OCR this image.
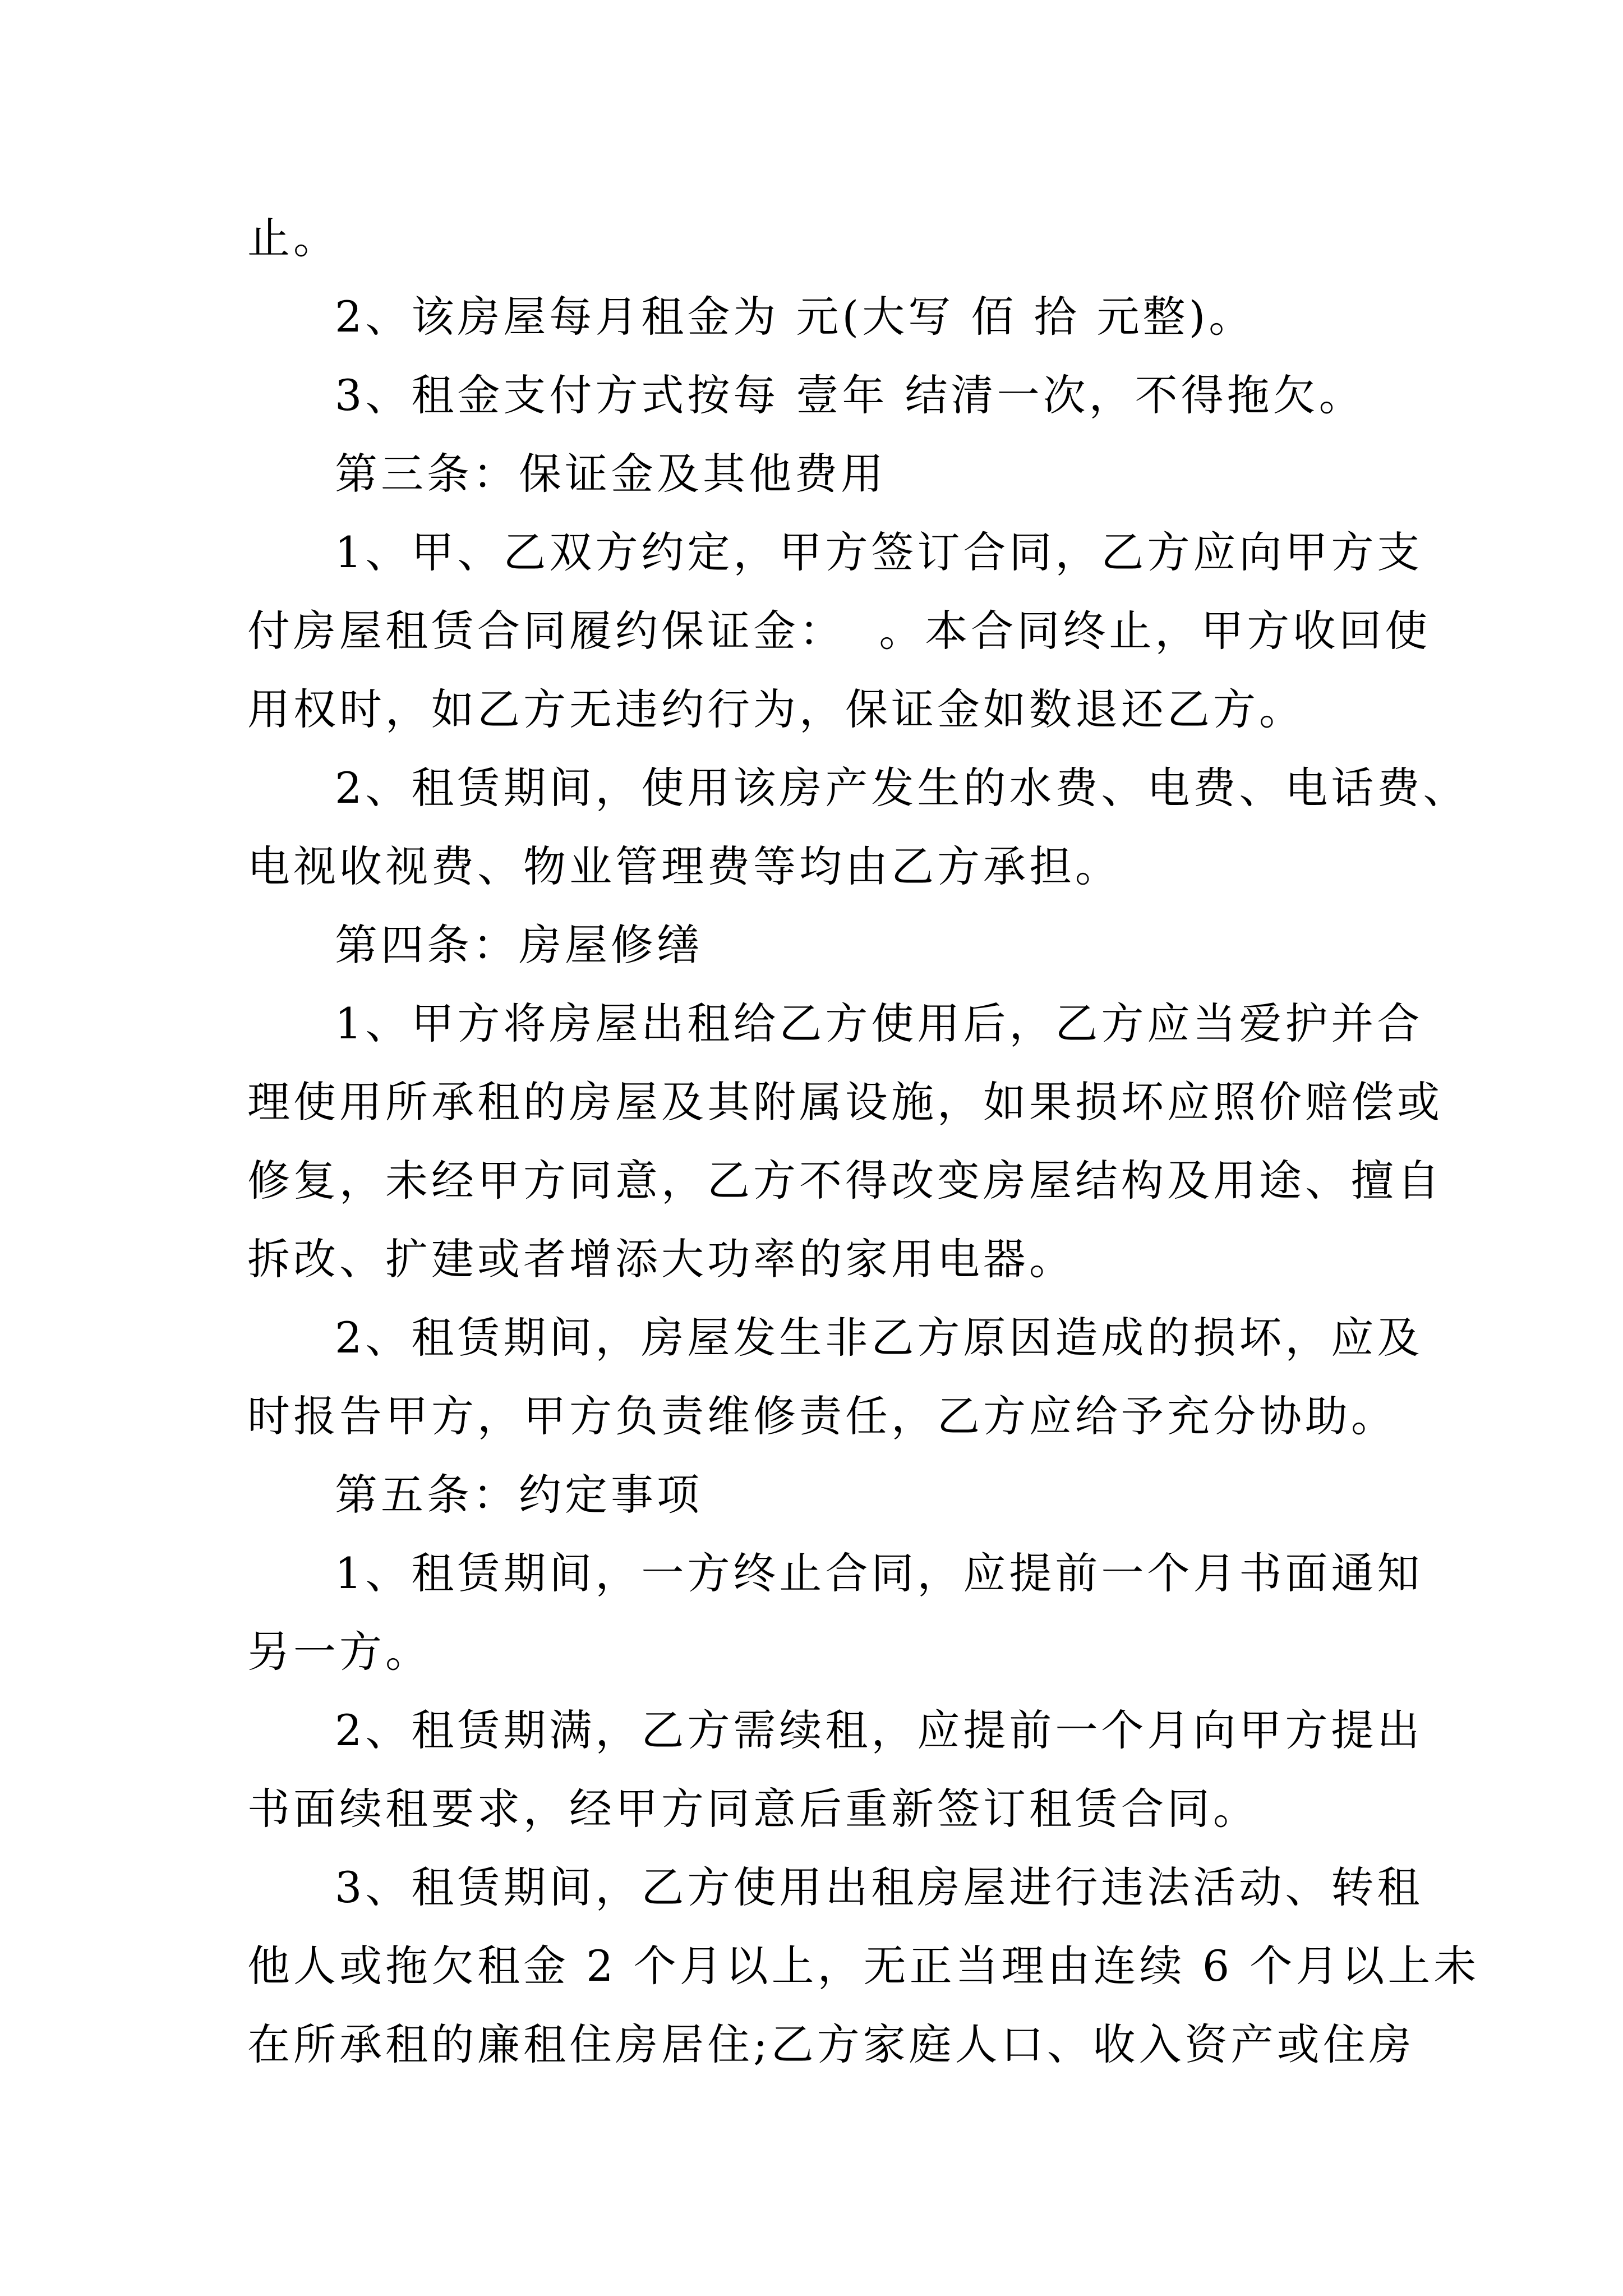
止。
2、该房屋每月租金为 元(大写 佰 拾 元整)。
3、租金支付方式按每 壹年 结清一次，不得拖欠。
第三条：保证金及其他费用
1、甲、乙双方约定，甲方签订合同，乙方应向甲方支
付房屋租赁合同履约保证金：  。本合同终止，甲方收回使
用权时，如乙方无违约行为，保证金如数退还乙方。
2、租赁期间，使用该房产发生的水费、电费、电话费、
电视收视费、物业管理费等均由乙方承担。
第四条：房屋修缮
1、甲方将房屋出租给乙方使用后，乙方应当爱护并合
理使用所承租的房屋及其附属设施，如果损坏应照价赔偿或
修复，未经甲方同意，乙方不得改变房屋结构及用途、擅自
拆改、扩建或者增添大功率的家用电器。
2、租赁期间，房屋发生非乙方原因造成的损坏，应及
时报告甲方，甲方负责维修责任，乙方应给予充分协助。
第五条：约定事项
1、租赁期间，一方终止合同，应提前一个月书面通知
另一方。
2、租赁期满，乙方需续租，应提前一个月向甲方提出
书面续租要求，经甲方同意后重新签订租赁合同。
3、租赁期间，乙方使用出租房屋进行违法活动、转租
他人或拖欠租金 2 个月以上，无正当理由连续 6 个月以上未
在所承租的廉租住房居住;乙方家庭人口、收入资产或住房
